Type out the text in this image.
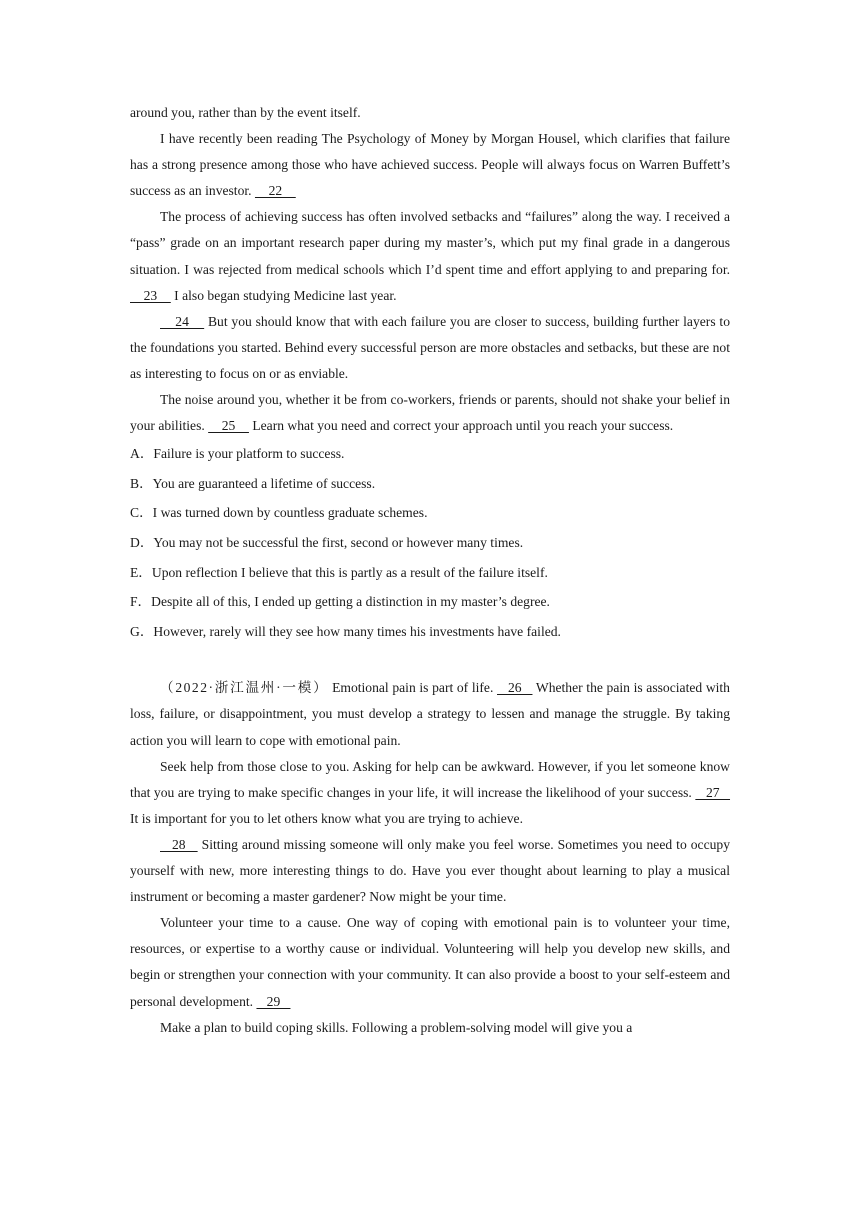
around you, rather than by the event itself.

I have recently been reading The Psychology of Money by Morgan Housel, which clarifies that failure has a strong presence among those who have achieved success. People will always focus on Warren Buffett’s success as an investor.     22

The process of achieving success has often involved setbacks and “failures” along the way. I received a “pass” grade on an important research paper during my master’s, which put my final grade in a dangerous situation. I was rejected from medical schools which I’d spent time and effort applying to and preparing for.     23     I also began studying Medicine last year.

24     But you should know that with each failure you are closer to success, building further layers to the foundations you started. Behind every successful person are more obstacles and setbacks, but these are not as interesting to focus on or as enviable.

The noise around you, whether it be from co-workers, friends or parents, should not shake your belief in your abilities.     25     Learn what you need and correct your approach until you reach your success.

A．Failure is your platform to success.

B．You are guaranteed a lifetime of success.

C．I was turned down by countless graduate schemes.

D．You may not be successful the first, second or however many times.

E．Upon reflection I believe that this is partly as a result of the failure itself.

F．Despite all of this, I ended up getting a distinction in my master’s degree.

G．However, rarely will they see how many times his investments have failed.

（2022·浙江温州·一模） Emotional pain is part of life.    26    Whether the pain is associated with loss, failure, or disappointment, you must develop a strategy to lessen and manage the struggle. By taking action you will learn to cope with emotional pain.

Seek help from those close to you. Asking for help can be awkward. However, if you let someone know that you are trying to make specific changes in your life, it will increase the likelihood of your success.    27    It is important for you to let others know what you are trying to achieve.

28    Sitting around missing someone will only make you feel worse. Sometimes you need to occupy yourself with new, more interesting things to do. Have you ever thought about learning to play a musical instrument or becoming a master gardener? Now might be your time.

Volunteer your time to a cause. One way of coping with emotional pain is to volunteer your time, resources, or expertise to a worthy cause or individual. Volunteering will help you develop new skills, and begin or strengthen your connection with your community. It can also provide a boost to your self-esteem and personal development.    29

Make a plan to build coping skills. Following a problem-solving model will give you a
